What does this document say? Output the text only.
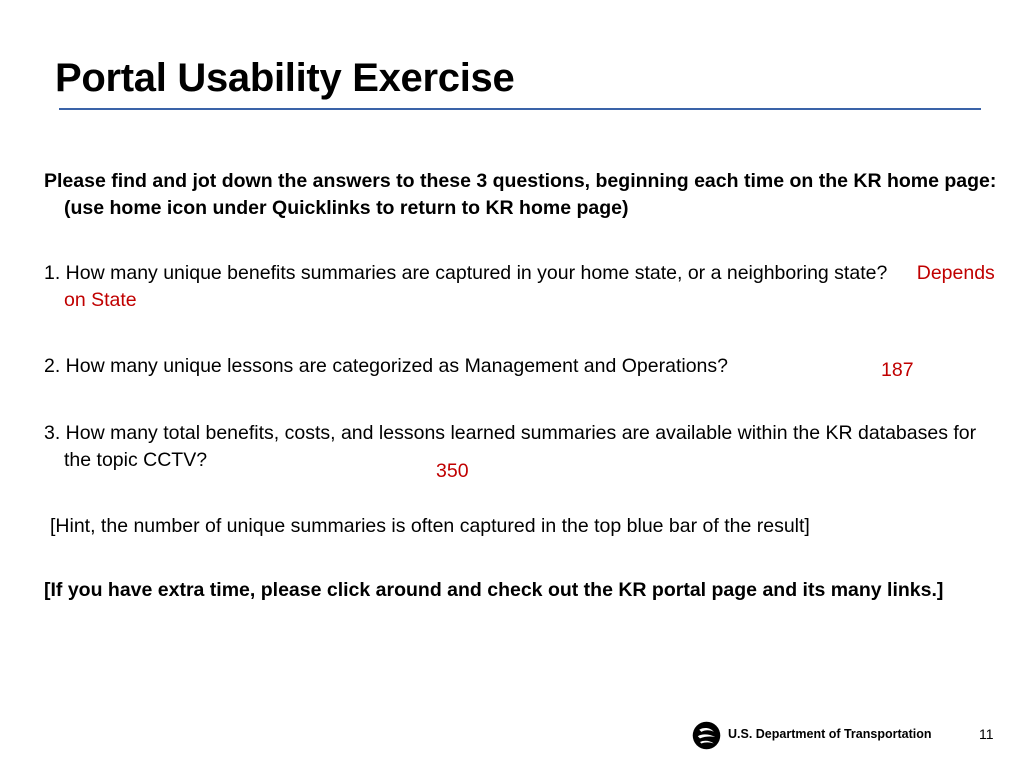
Portal Usability Exercise

Please find and jot down the answers to these 3 questions, beginning each time on the KR home page: (use home icon under Quicklinks to return to KR home page)

1. How many unique benefits summaries are captured in your home state, or a neighboring state? Depends on State

2. How many unique lessons are categorized as Management and Operations?	187

3. How many total benefits, costs, and lessons learned summaries are available within the KR databases for the topic CCTV?	350

[Hint, the number of unique summaries is often captured in the top blue bar of the result]

[If you have extra time, please click around and check out the KR portal page and its many links.]

U.S. Department of Transportation	11
